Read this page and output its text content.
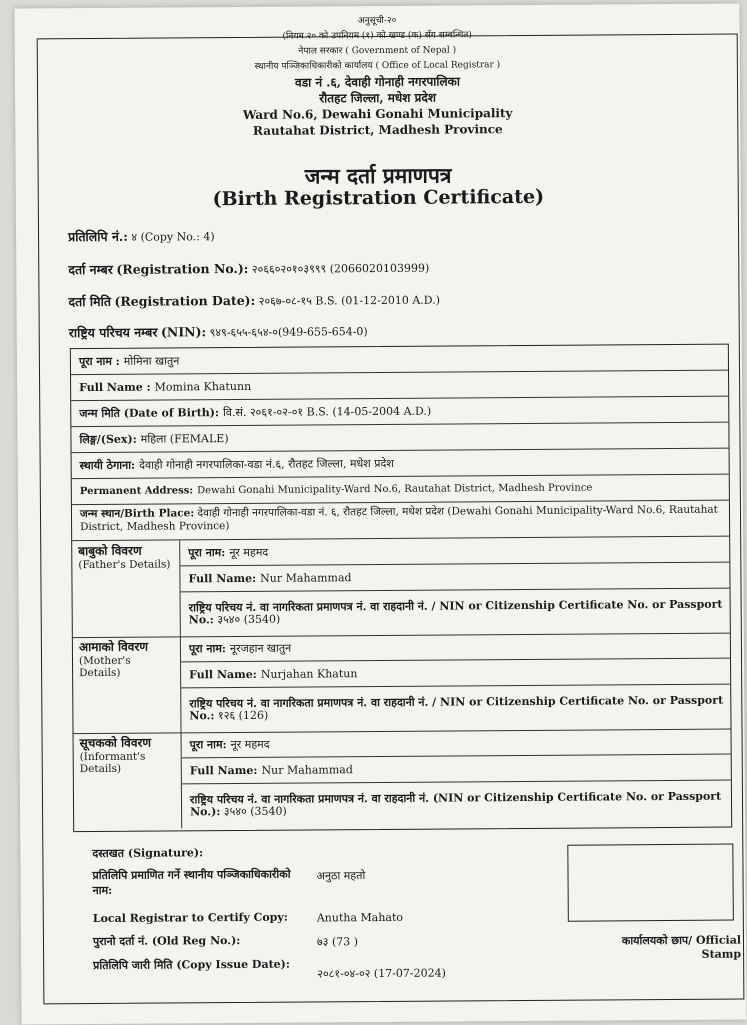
अनुसूची-२०
(नियम २० को उपनियम (१) को खण्ड (क) सँग सम्बन्धित)
नेपाल सरकार ( Government of Nepal )
स्थानीय पञ्जिकाधिकारीको कार्यालय ( Office of Local Registrar )
वडा नं .६, देवाही गोनाही नगरपालिका
रौतहट जिल्ला, मधेश प्रदेश
Ward No.6, Dewahi Gonahi Municipality
Rautahat District, Madhesh Province
जन्म दर्ता प्रमाणपत्र
(Birth Registration Certificate)
प्रतिलिपि नं.: ४ (Copy No.: 4)
दर्ता नम्बर (Registration No.): २०६६०२०१०३९९९ (2066020103999)
दर्ता मिति (Registration Date): २०६७-०८-१५ B.S. (01-12-2010 A.D.)
राष्ट्रिय परिचय नम्बर (NIN): ९४९-६५५-६५४-०(949-655-654-0)
पूरा नाम : मोमिना खातुन
Full Name : Momina Khatunn
जन्म मिति (Date of Birth): वि.सं. २०६१-०२-०१ B.S. (14-05-2004 A.D.)
लिङ्ग/(Sex): महिला (FEMALE)
स्थायी ठेगाना: देवाही गोनाही नगरपालिका-वडा नं.६, रौतहट जिल्ला, मधेश प्रदेश
Permanent Address: Dewahi Gonahi Municipality-Ward No.6, Rautahat District, Madhesh Province
जन्म स्थान/Birth Place: देवाही गोनाही नगरपालिका-वडा नं. ६, रौतहट जिल्ला, मधेश प्रदेश (Dewahi Gonahi Municipality-Ward No.6, Rautahat District, Madhesh Province)
बाबुको विवरण
(Father's Details)
पूरा नाम: नूर महमद
Full Name: Nur Mahammad
राष्ट्रिय परिचय नं. वा नागरिकता प्रमाणपत्र नं. वा राहदानी नं. / NIN or Citizenship Certificate No. or Passport No.: ३५४० (3540)
आमाको विवरण
(Mother's Details)
पूरा नाम: नूरजहान खातुन
Full Name: Nurjahan Khatun
राष्ट्रिय परिचय नं. वा नागरिकता प्रमाणपत्र नं. वा राहदानी नं. / NIN or Citizenship Certificate No. or Passport No.: १२६ (126)
सूचकको विवरण
(Informant's Details)
पूरा नाम: नूर महमद
Full Name: Nur Mahammad
राष्ट्रिय परिचय नं. वा नागरिकता प्रमाणपत्र नं. वा राहदानी नं. (NIN or Citizenship Certificate No. or Passport No.): ३५४० (3540)
दस्तखत (Signature):
प्रतिलिपि प्रमाणित गर्ने स्थानीय पञ्जिकाधिकारीको नाम:
अनुठा महतो
Local Registrar to Certify Copy:	Anutha Mahato
पुरानो दर्ता नं. (Old Reg No.):	७३ (73 )
प्रतिलिपि जारी मिति (Copy Issue Date):
२०८१-०४-०२ (17-07-2024)
कार्यालयको छाप/ Official Stamp
